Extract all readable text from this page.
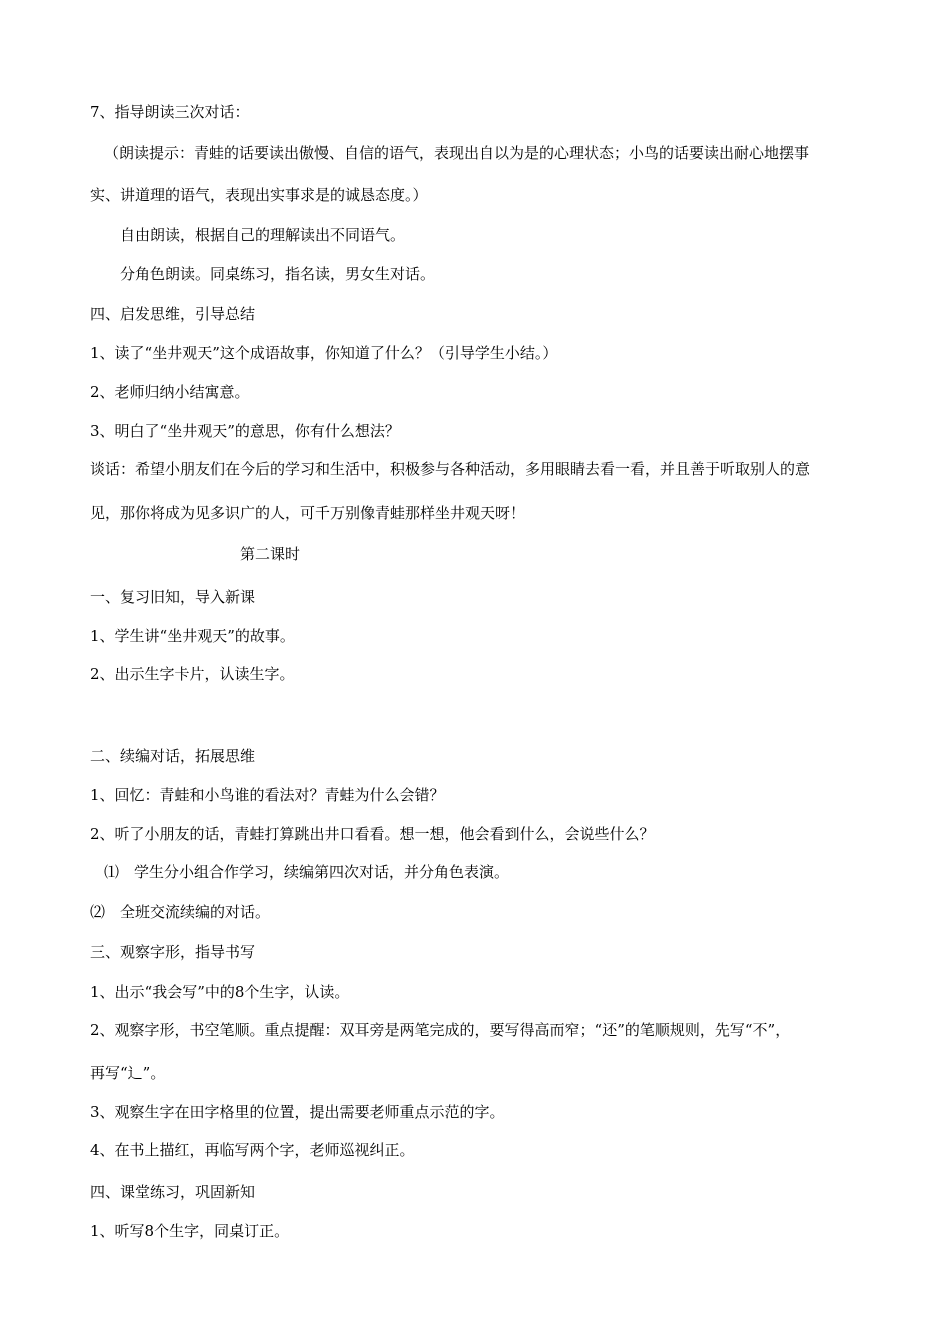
7、指导朗读三次对话：
（朗读提示：青蛙的话要读出傲慢、自信的语气，表现出自以为是的心理状态；小鸟的话要读出耐心地摆事
实、讲道理的语气，表现出实事求是的诚恳态度。）
自由朗读，根据自己的理解读出不同语气。
分角色朗读。同桌练习，指名读，男女生对话。
四、启发思维，引导总结
1、读了“坐井观天”这个成语故事，你知道了什么？（引导学生小结。）
2、老师归纳小结寓意。
3、明白了“坐井观天”的意思，你有什么想法？
谈话：希望小朋友们在今后的学习和生活中，积极参与各种活动，多用眼睛去看一看，并且善于听取别人的意
见，那你将成为见多识广的人，可千万别像青蛙那样坐井观天呀！
第二课时
一、复习旧知，导入新课
1、学生讲“坐井观天”的故事。
2、出示生字卡片，认读生字。
二、续编对话，拓展思维
1、回忆：青蛙和小鸟谁的看法对？青蛙为什么会错？
2、听了小朋友的话，青蛙打算跳出井口看看。想一想，他会看到什么，会说些什么？
⑴　学生分小组合作学习，续编第四次对话，并分角色表演。
⑵　全班交流续编的对话。
三、观察字形，指导书写
1、出示“我会写”中的8个生字，认读。
2、观察字形，书空笔顺。重点提醒：双耳旁是两笔完成的，要写得高而窄；“还”的笔顺规则，先写“不”，
再写“辶”。
3、观察生字在田字格里的位置，提出需要老师重点示范的字。
4、在书上描红，再临写两个字，老师巡视纠正。
四、课堂练习，巩固新知
1、听写8个生字，同桌订正。
